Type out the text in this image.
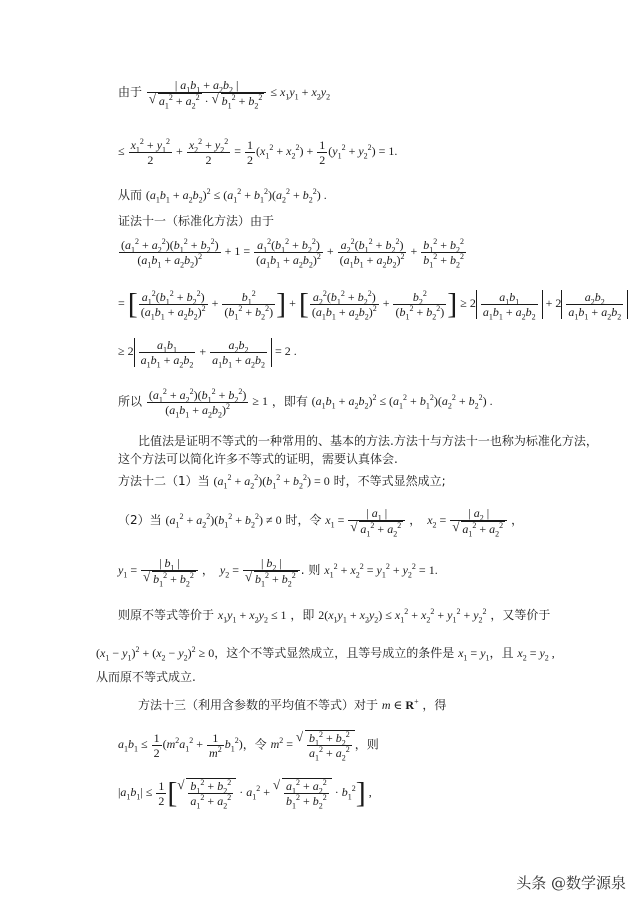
由于 | $a_1b_1 + a_2b_2$ |
√ $a_1^2 + a_2^2$ · √ $b_1^2 + b_2^2 \le x_1y_1 + x_2y_2$
≤ $\frac{x_1^2 + y_1^2}{2} + \frac{x_2^2 + y_2^2}{2} = \frac{1}{2} (x_1^2 + x_2^2) + \frac{1}{2} (y_1^2 + y_2^2) = 1$.
从而 $(a_1b_1 + a_2b_2)^2 \le (a_1^2 + b_1^2)(a_2^2 + b_2^2)$ .
证法十一（标准化方法）由于
$\frac{(a_1^2 + a_2^2)(b_1^2 + b_2^2)}{(a_1b_1 + a_2b_2)^2} + 1 = \frac{a_1^2(b_1^2 + b_2^2)}{(a_1b_1 + a_2b_2)^2} + \frac{a_2^2(b_1^2 + b_2^2)}{(a_1b_1 + a_2b_2)^2} + \frac{b_1^2 + b_2^2}{b_1^2 + b_2^2}$
= [ $\frac{a_1^2(b_1^2 + b_2^2)}{(a_1b_1 + a_2b_2)^2} + \frac{b_1^2}{(b_1^2 + b_2^2)}$ ] + [ $\frac{a_2^2(b_1^2 + b_2^2)}{(a_1b_1 + a_2b_2)^2} + \frac{b_2^2}{(b_1^2 + b_2^2)}$ ] ≥ $2 \frac{a_1b_1}{a_1b_1 + a_2b_2} + 2 \frac{a_2b_2}{a_1b_1 + a_2b_2}$
≥ $2 \frac{a_1b_1}{a_1b_1 + a_2b_2} + \frac{a_2b_2}{a_1b_1 + a_2b_2} = 2$ .
所以 $\frac{(a_1^2 + a_2^2)(b_1^2 + b_2^2)}{(a_1b_1 + a_2b_2)^2} \ge 1$ ，即有 $(a_1b_1 + a_2b_2)^2 \le (a_1^2 + b_1^2)(a_2^2 + b_2^2)$ .
比值法是证明不等式的一种常用的、基本的方法.方法十与方法十一也称为标准化方法，
这个方法可以简化许多不等式的证明，需要认真体会.
方法十二（1）当 $(a_1^2 + a_2^2)(b_1^2 + b_2^2) = 0$ 时，不等式显然成立;
（2）当 $(a_1^2 + a_2^2)(b_1^2 + b_2^2) \ne 0$ 时，令 $x_1$ = | $a_1$ |
√ $a_1^2 + a_2^2$ ，  $x_2$ = | $a_2$ |
√ $a_1^2 + a_2^2$ ，
$y_1$ = | $b_1$ |
√ $b_1^2 + b_2^2$ ，  $y_2$ = | $b_2$ |
√ $b_1^2 + b_2^2$ . 则 $x_1^2 + x_2^2 = y_1^2 + y_2^2 = 1$.
则原不等式等价于 $x_1y_1 + x_2y_2 \le 1$ ，即 $2(x_1y_1 + x_2y_2) \le x_1^2 + x_2^2 + y_1^2 + y_2^2$ ，又等价于
$(x_1 - y_1)^2 + (x_2 - y_2)^2 \ge 0$，这个不等式显然成立，且等号成立的条件是 $x_1 = y_1$，且 $x_2 = y_2$ ,
从而原不等式成立.
方法十三（利用含参数的平均值不等式）对于 m ∈ R+ ，得
$a_1b_1 \le \frac{1}{2} (m^2a_1^2 + \frac{1}{m^2} b_1^2)$，令 $m^2$ = √ $\frac{b_1^2 + b_2^2}{a_1^2 + a_2^2}$ ，则
$|a_1b_1| \le \frac{1}{2}$ [ √ $\frac{b_1^2 + b_2^2}{a_1^2 + a_2^2} \cdot a_1^2$ + √ $\frac{a_1^2 + a_2^2}{b_1^2 + b_2^2} \cdot b_1^2$] ,
头条 @数学源泉
